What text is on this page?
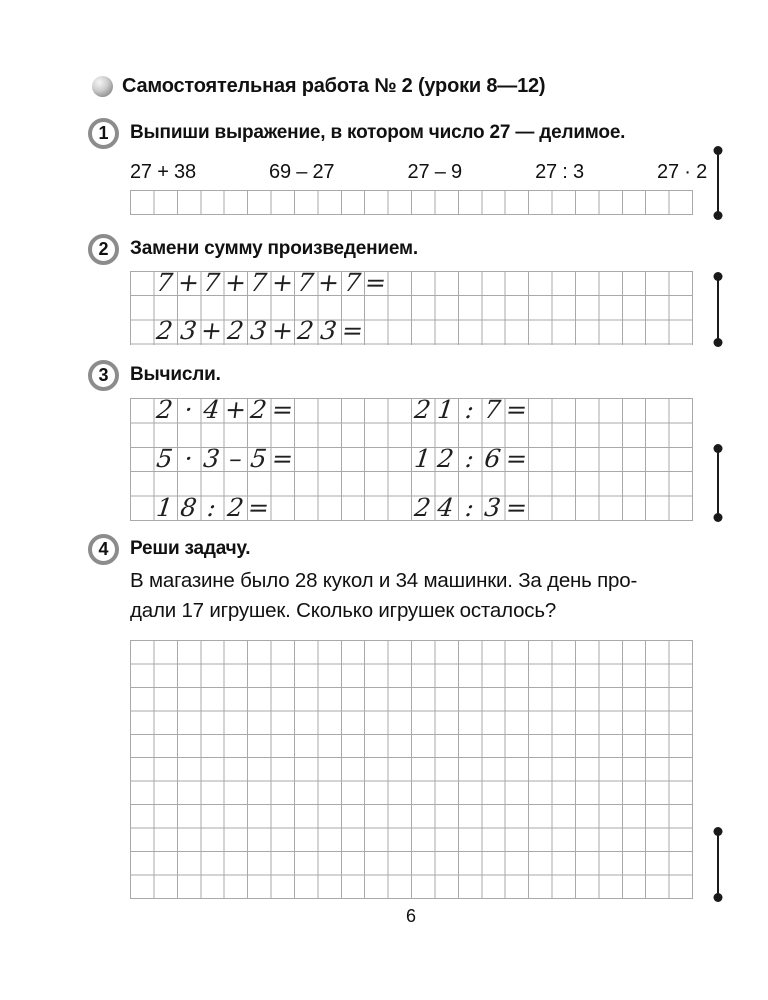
Самостоятельная работа № 2 (уроки 8—12)
1 Выпиши выражение, в котором число 27 — делимое.
27 + 38	69 – 27	27 – 9	27 : 3	27 · 2
2 Замени сумму произведением.
7 + 7 + 7 + 7 + 7 =
2 3 + 2 3 + 2 3 =
3 Вычисли.
2 · 4 + 2 =	2 1 : 7 =
5 · 3 – 5 =	1 2 : 6 =
1 8 : 2 =	2 4 : 3 =
4 Реши задачу.
В магазине было 28 кукол и 34 машинки. За день про-
дали 17 игрушек. Сколько игрушек осталось?
6
